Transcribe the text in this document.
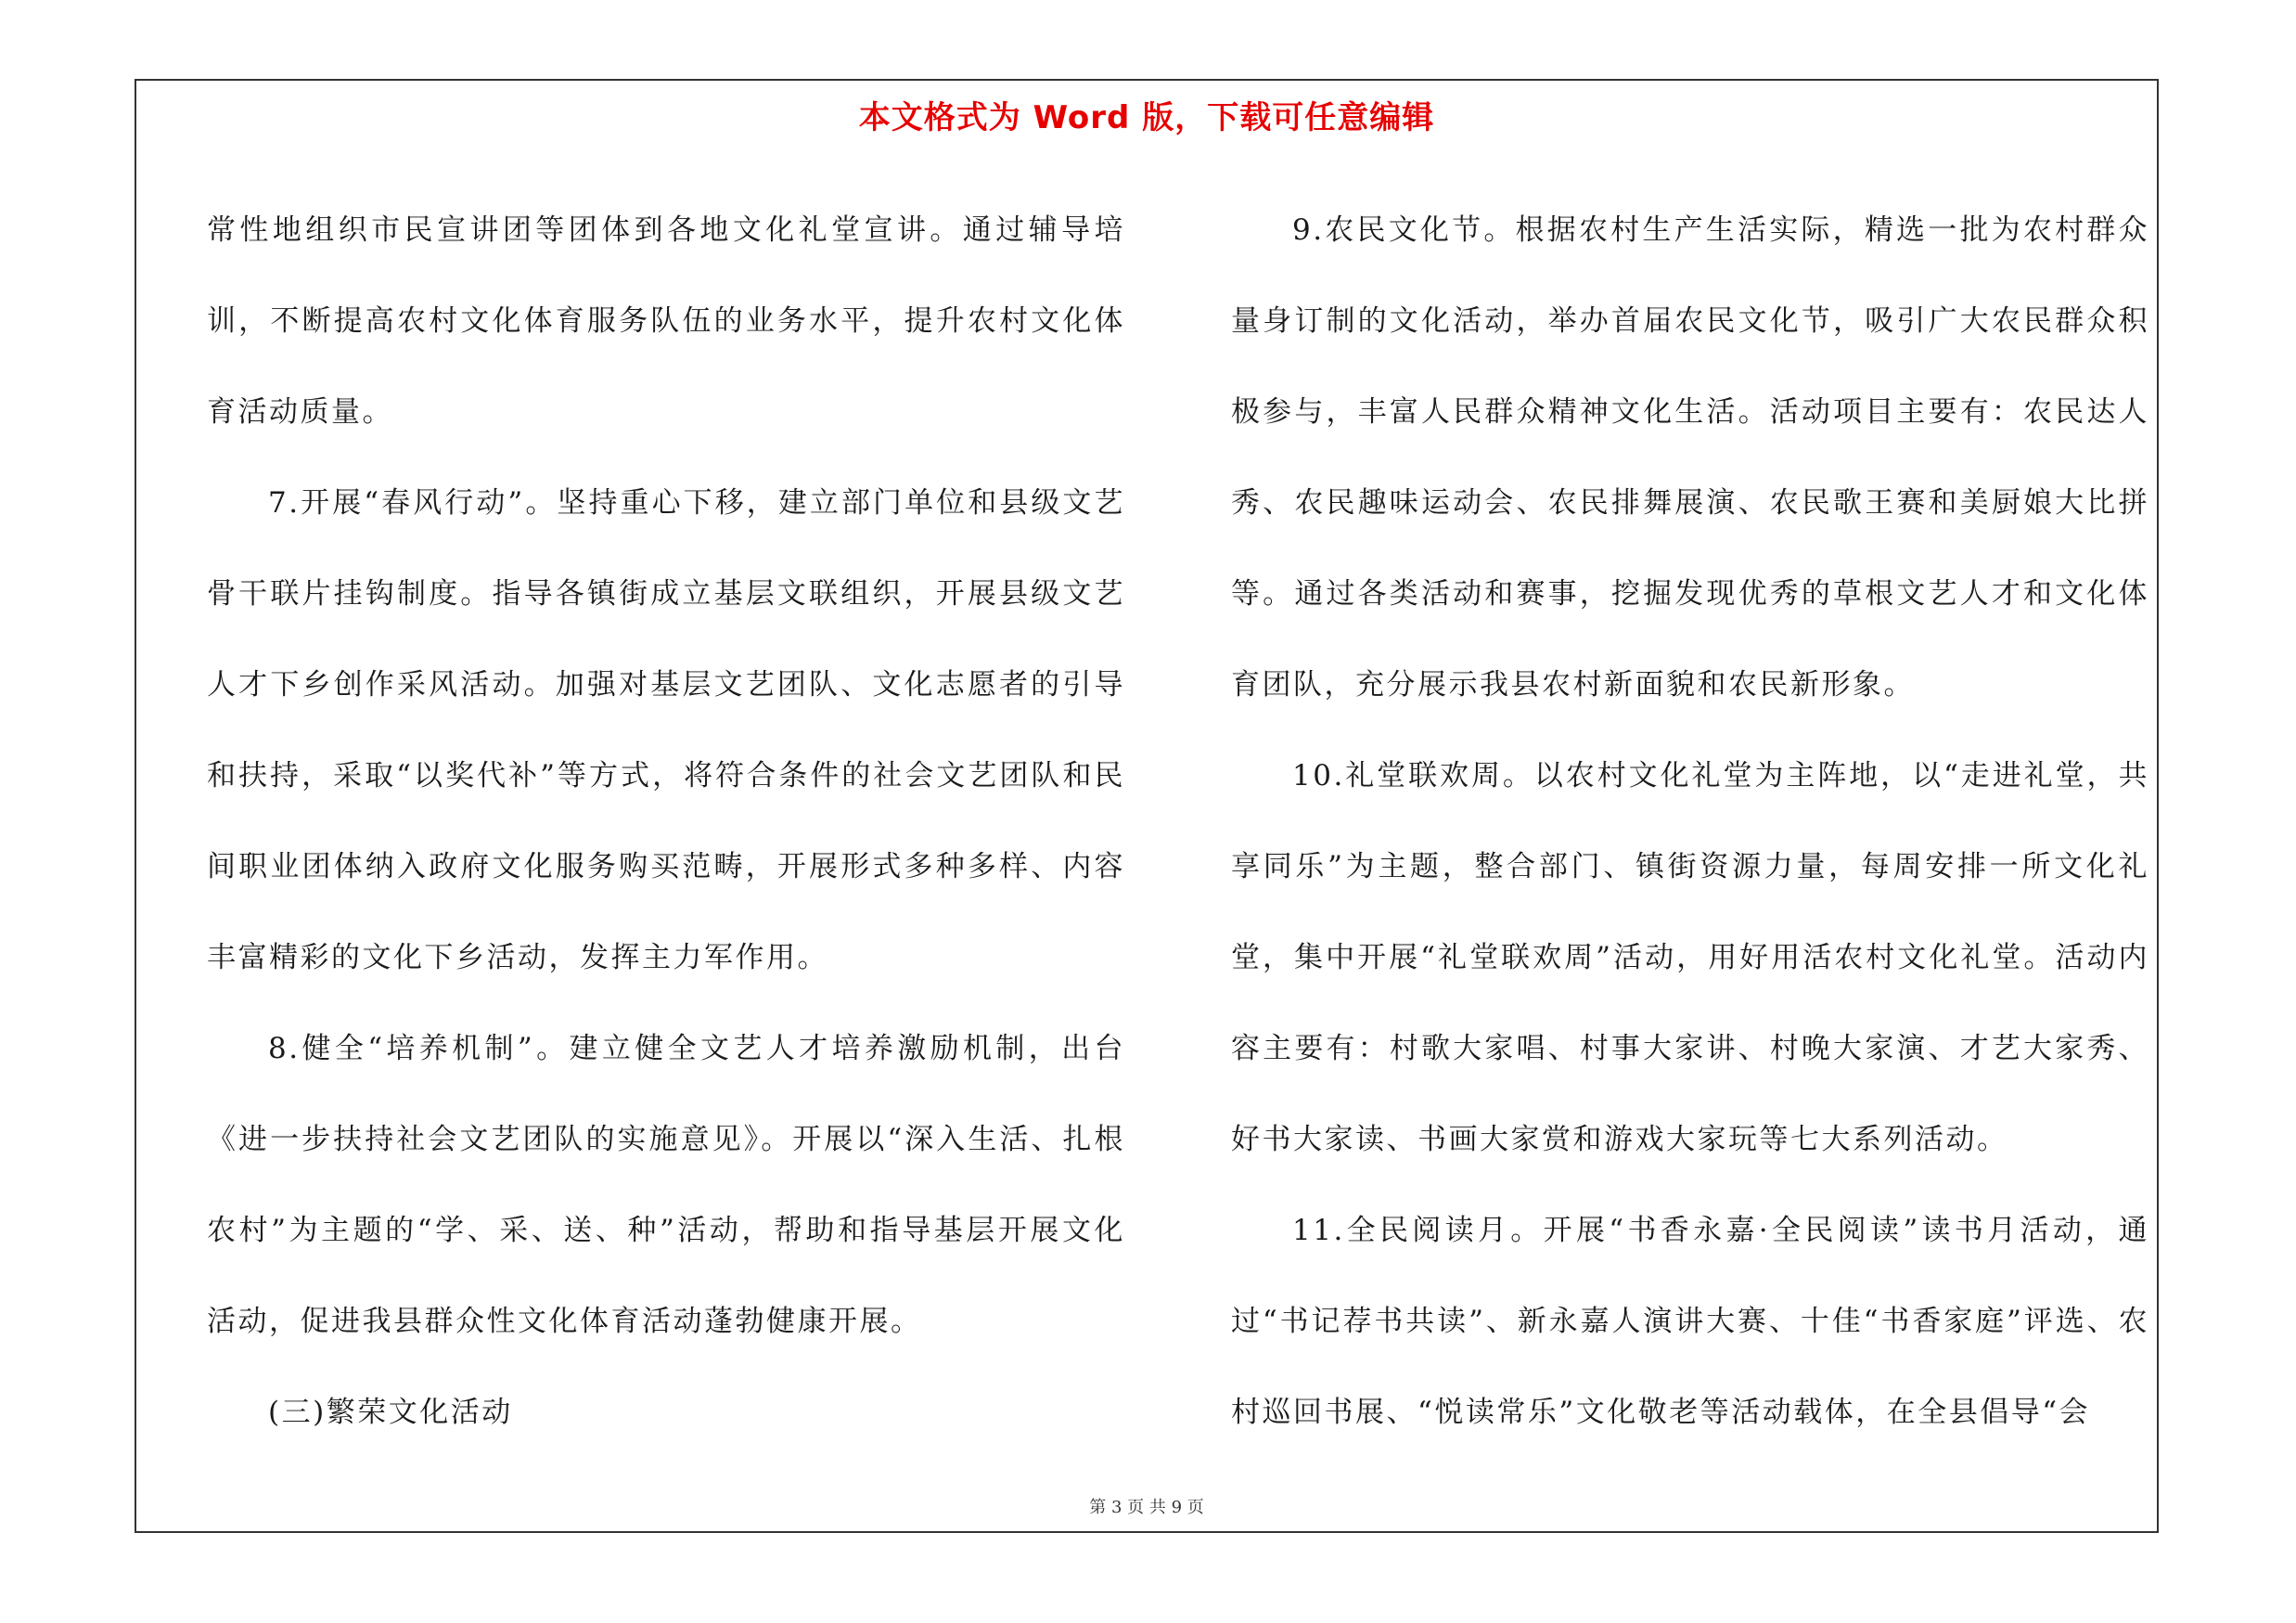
本文格式为 Word 版，下载可任意编辑

常性地组织市民宣讲团等团体到各地文化礼堂宣讲。通过辅导培训，不断提高农村文化体育服务队伍的业务水平，提升农村文化体育活动质量。

7.开展“春风行动”。坚持重心下移，建立部门单位和县级文艺骨干联片挂钩制度。指导各镇街成立基层文联组织，开展县级文艺人才下乡创作采风活动。加强对基层文艺团队、文化志愿者的引导和扶持，采取“以奖代补”等方式，将符合条件的社会文艺团队和民间职业团体纳入政府文化服务购买范畴，开展形式多种多样、内容丰富精彩的文化下乡活动，发挥主力军作用。

8.健全“培养机制”。建立健全文艺人才培养激励机制，出台《进一步扶持社会文艺团队的实施意见》。开展以“深入生活、扎根农村”为主题的“学、采、送、种”活动，帮助和指导基层开展文化活动，促进我县群众性文化体育活动蓬勃健康开展。

(三)繁荣文化活动

9.农民文化节。根据农村生产生活实际，精选一批为农村群众量身订制的文化活动，举办首届农民文化节，吸引广大农民群众积极参与，丰富人民群众精神文化生活。活动项目主要有：农民达人秀、农民趣味运动会、农民排舞展演、农民歌王赛和美厨娘大比拼等。通过各类活动和赛事，挖掘发现优秀的草根文艺人才和文化体育团队，充分展示我县农村新面貌和农民新形象。

10.礼堂联欢周。以农村文化礼堂为主阵地，以“走进礼堂，共享同乐”为主题，整合部门、镇街资源力量，每周安排一所文化礼堂，集中开展“礼堂联欢周”活动，用好用活农村文化礼堂。活动内容主要有：村歌大家唱、村事大家讲、村晚大家演、才艺大家秀、好书大家读、书画大家赏和游戏大家玩等七大系列活动。

11.全民阅读月。开展“书香永嘉·全民阅读”读书月活动，通过“书记荐书共读”、新永嘉人演讲大赛、十佳“书香家庭”评选、农村巡回书展、“悦读常乐”文化敬老等活动载体，在全县倡导“会

第 3 页 共 9 页
